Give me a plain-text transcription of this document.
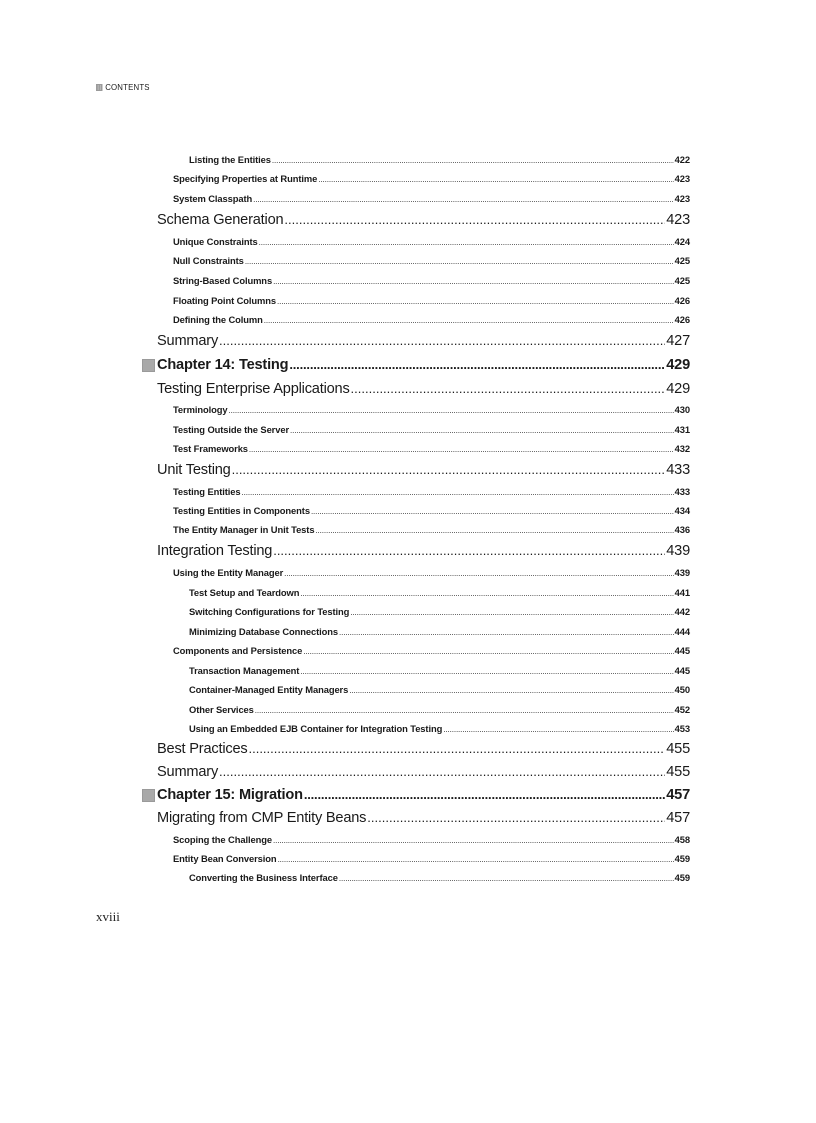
CONTENTS
Listing the Entities .....	422
Specifying Properties at Runtime .....	423
System Classpath .....	423
Schema Generation .....	423
Unique Constraints .....	424
Null Constraints .....	425
String-Based Columns .....	425
Floating Point Columns .....	426
Defining the Column .....	426
Summary .....	427
Chapter 14: Testing .....	429
Testing Enterprise Applications .....	429
Terminology .....	430
Testing Outside the Server .....	431
Test Frameworks .....	432
Unit Testing .....	433
Testing Entities .....	433
Testing Entities in Components .....	434
The Entity Manager in Unit Tests .....	436
Integration Testing .....	439
Using the Entity Manager .....	439
Test Setup and Teardown .....	441
Switching Configurations for Testing .....	442
Minimizing Database Connections .....	444
Components and Persistence .....	445
Transaction Management .....	445
Container-Managed Entity Managers .....	450
Other Services .....	452
Using an Embedded EJB Container for Integration Testing .....	453
Best Practices .....	455
Summary .....	455
Chapter 15: Migration .....	457
Migrating from CMP Entity Beans .....	457
Scoping the Challenge .....	458
Entity Bean Conversion .....	459
Converting the Business Interface .....	459
xviii
